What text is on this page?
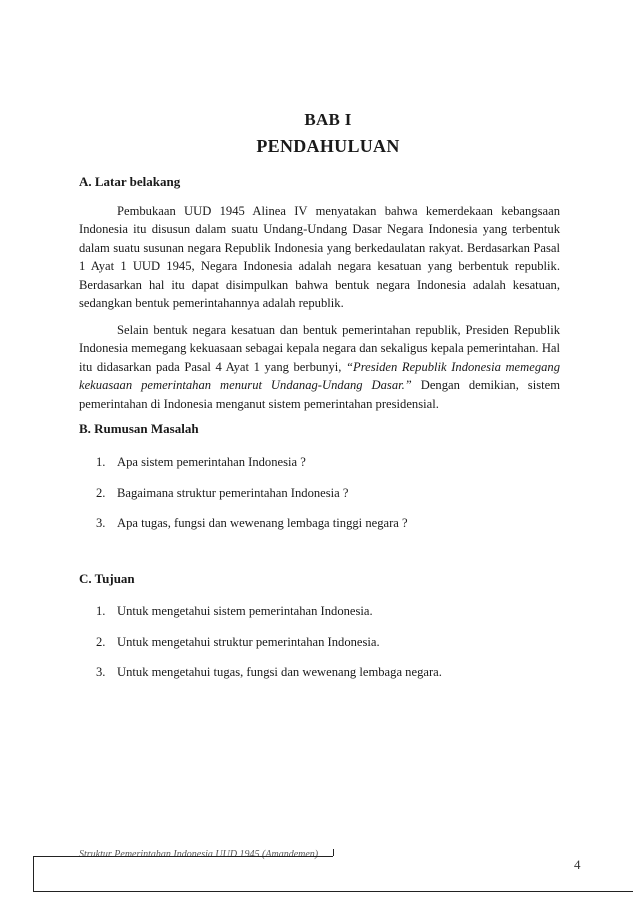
BAB I
PENDAHULUAN
A. Latar belakang

Pembukaan UUD 1945 Alinea IV menyatakan bahwa kemerdekaan kebangsaan Indonesia itu disusun dalam suatu Undang-Undang Dasar Negara Indonesia yang terbentuk dalam suatu susunan negara Republik Indonesia yang berkedaulatan rakyat. Berdasarkan Pasal 1 Ayat 1 UUD 1945, Negara Indonesia adalah negara kesatuan yang berbentuk republik. Berdasarkan hal itu dapat disimpulkan bahwa bentuk negara Indonesia adalah kesatuan, sedangkan bentuk pemerintahannya adalah republik.

Selain bentuk negara kesatuan dan bentuk pemerintahan republik, Presiden Republik Indonesia memegang kekuasaan sebagai kepala negara dan sekaligus kepala pemerintahan. Hal itu didasarkan pada Pasal 4 Ayat 1 yang berbunyi, “Presiden Republik Indonesia memegang kekuasaan pemerintahan menurut Undanag-Undang Dasar.” Dengan demikian, sistem pemerintahan di Indonesia menganut sistem pemerintahan presidensial.

B. Rumusan Masalah
1. Apa sistem pemerintahan Indonesia ?
2. Bagaimana struktur pemerintahan Indonesia ?
3. Apa tugas, fungsi dan wewenang lembaga tinggi negara ?
C. Tujuan
1. Untuk mengetahui sistem pemerintahan Indonesia.
2. Untuk mengetahui struktur pemerintahan Indonesia.
3. Untuk mengetahui tugas, fungsi dan wewenang lembaga negara.
Struktur Pemerintahan Indonesia UUD 1945 (Amandemen)
4
